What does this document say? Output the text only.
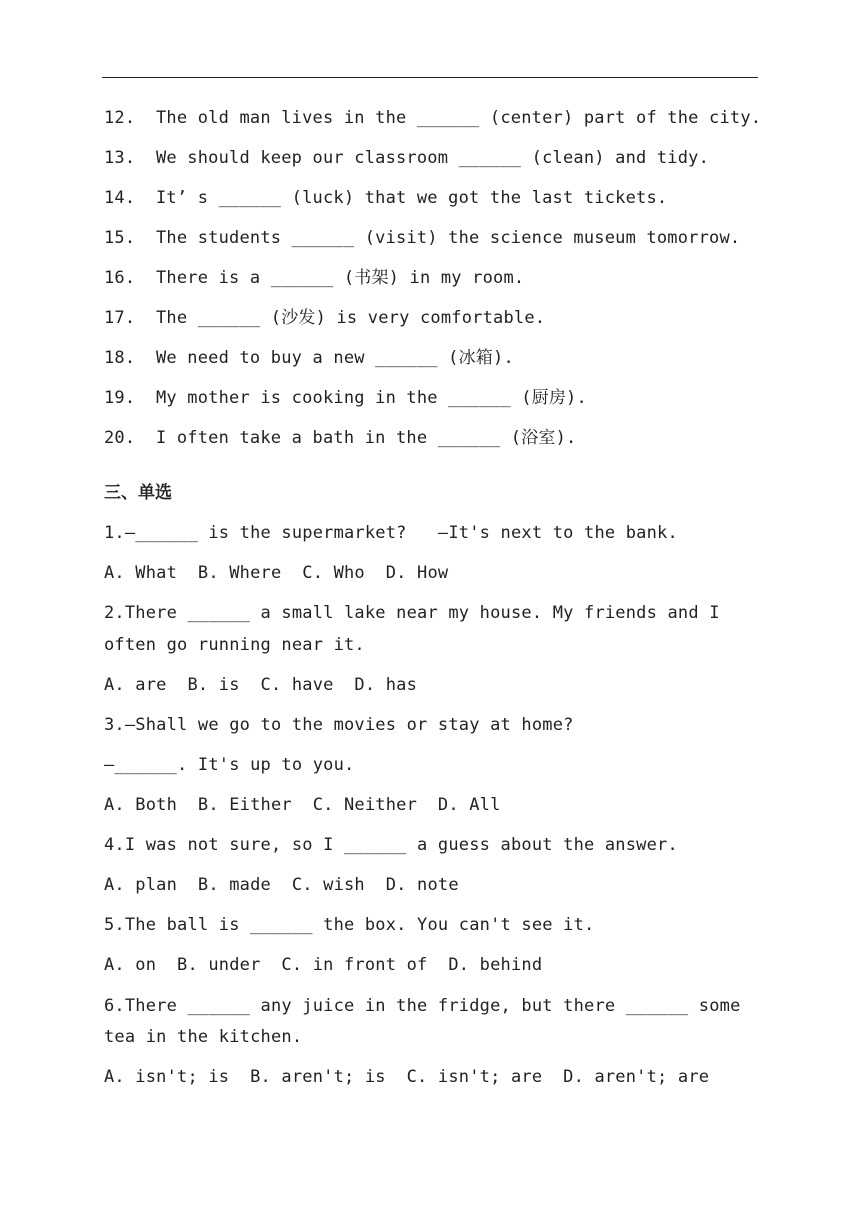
12. The old man lives in the ______ (center) part of the city.
13. We should keep our classroom ______ (clean) and tidy.
14. It’ s ______ (luck) that we got the last tickets.
15. The students ______ (visit) the science museum tomorrow.
16. There is a ______ (书架) in my room.
17. The ______ (沙发) is very comfortable.
18. We need to buy a new ______ (冰箱).
19. My mother is cooking in the ______ (厨房).
20. I often take a bath in the ______ (浴室).
三、单选
1.—______ is the supermarket?   —It's next to the bank.
A. What  B. Where  C. Who  D. How
2.There ______ a small lake near my house. My friends and I
often go running near it.
A. are  B. is  C. have  D. has
3.—Shall we go to the movies or stay at home?
—______. It's up to you.
A. Both  B. Either  C. Neither  D. All
4.I was not sure, so I ______ a guess about the answer.
A. plan  B. made  C. wish  D. note
5.The ball is ______ the box. You can't see it.
A. on  B. under  C. in front of  D. behind
6.There ______ any juice in the fridge, but there ______ some
tea in the kitchen.
A. isn't; is  B. aren't; is  C. isn't; are  D. aren't; are
